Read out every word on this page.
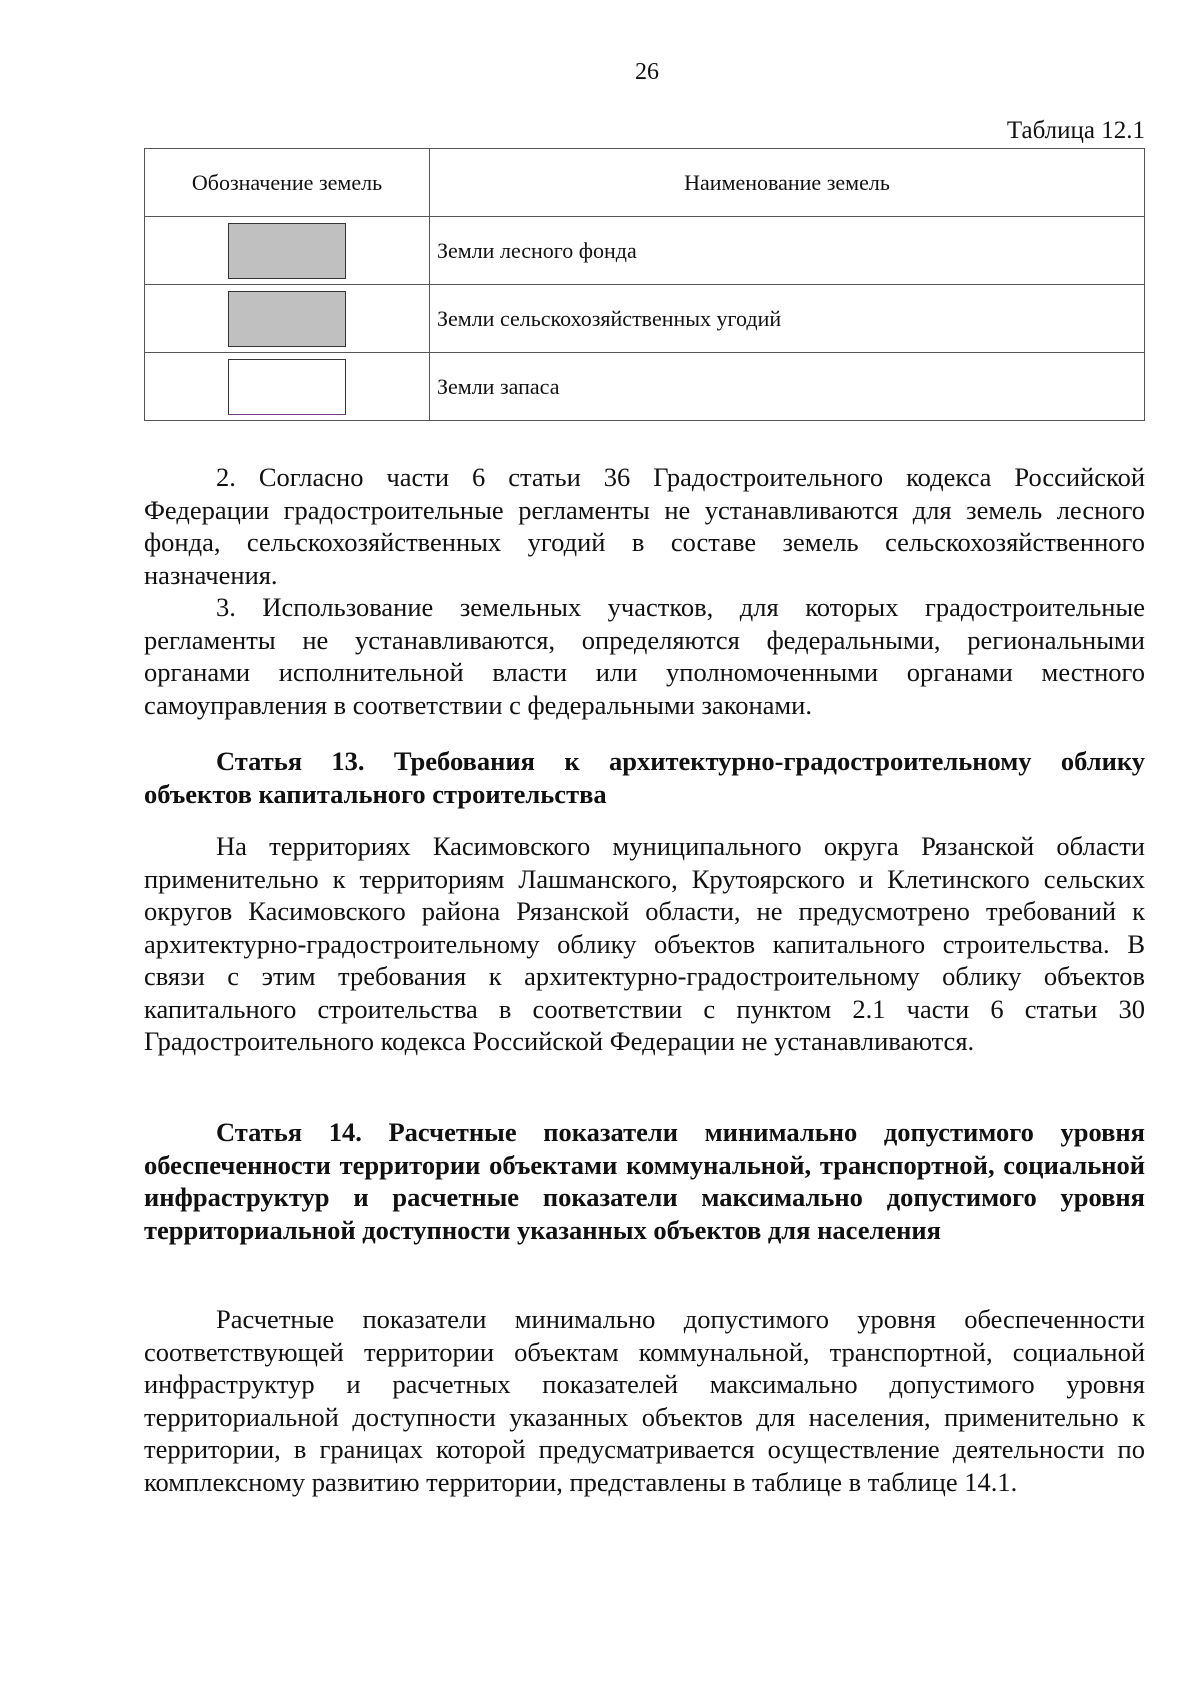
26
Таблица 12.1
Обозначение земель	Наименование земель
	Земли лесного фонда
	Земли сельскохозяйственных угодий
	Земли запаса

2. Согласно части 6 статьи 36 Градостроительного кодекса Российской Федерации градостроительные регламенты не устанавливаются для земель лесного фонда, сельскохозяйственных угодий в составе земель сельскохозяйственного назначения.

3. Использование земельных участков, для которых градостроительные регламенты не устанавливаются, определяются федеральными, региональными органами исполнительной власти или уполномоченными органами местного самоуправления в соответствии с федеральными законами.

Статья 13. Требования к архитектурно-градостроительному облику объектов капитального строительства

На территориях Касимовского муниципального округа Рязанской области применительно к территориям Лашманского, Крутоярского и Клетинского сельских округов Касимовского района Рязанской области, не предусмотрено требований к архитектурно-градостроительному облику объектов капитального строительства. В связи с этим требования к архитектурно-градостроительному облику объектов капитального строительства в соответствии с пунктом 2.1 части 6 статьи 30 Градостроительного кодекса Российской Федерации не устанавливаются.

Статья 14. Расчетные показатели минимально допустимого уровня обеспеченности территории объектами коммунальной, транспортной, социальной инфраструктур и расчетные показатели максимально допустимого уровня территориальной доступности указанных объектов для населения

Расчетные показатели минимально допустимого уровня обеспеченности соответствующей территории объектам коммунальной, транспортной, социальной инфраструктур и расчетных показателей максимально допустимого уровня территориальной доступности указанных объектов для населения, применительно к территории, в границах которой предусматривается осуществление деятельности по комплексному развитию территории, представлены в таблице в таблице 14.1.
